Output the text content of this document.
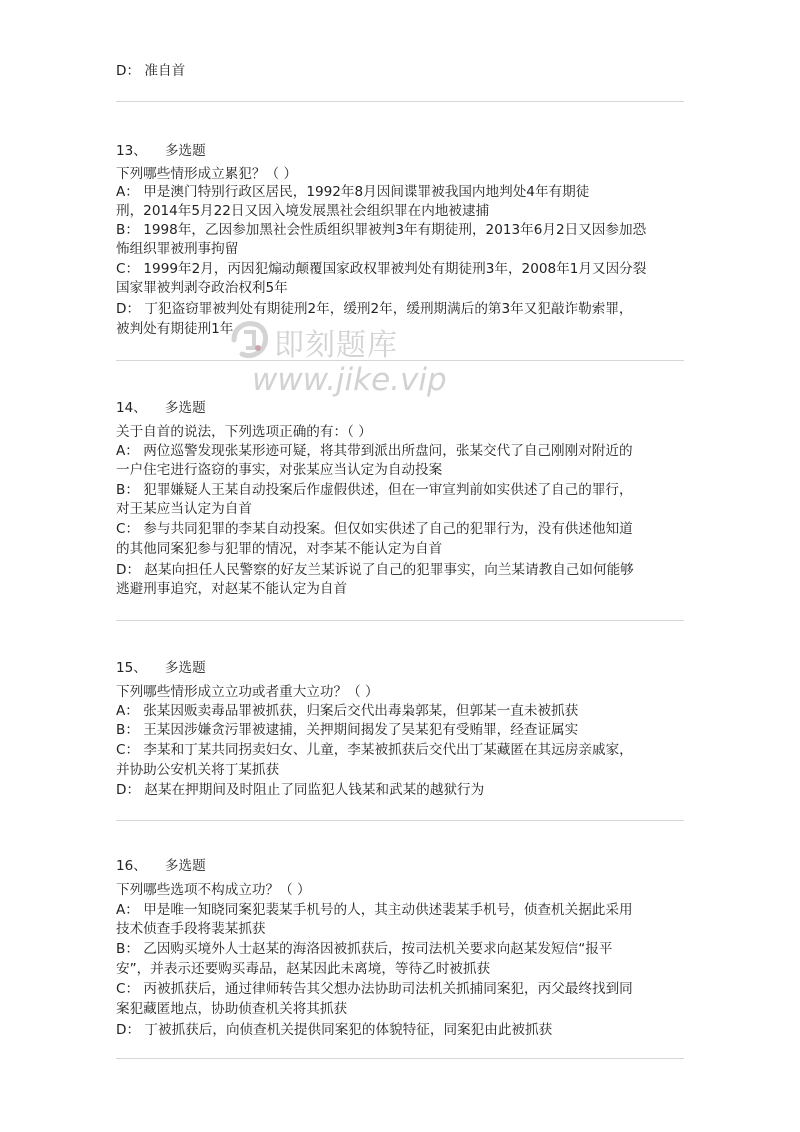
D： 准自首
13、 多选题
下列哪些情形成立累犯？（ ）
A： 甲是澳门特别行政区居民，1992年8月因间谍罪被我国内地判处4年有期徒
刑，2014年5月22日又因入境发展黑社会组织罪在内地被逮捕
B： 1998年，乙因参加黑社会性质组织罪被判3年有期徒刑，2013年6月2日又因参加恐
怖组织罪被刑事拘留
C： 1999年2月，丙因犯煽动颠覆国家政权罪被判处有期徒刑3年，2008年1月又因分裂
国家罪被判剥夺政治权利5年
D： 丁犯盗窃罪被判处有期徒刑2年，缓刑2年，缓刑期满后的第3年又犯敲诈勒索罪，
被判处有期徒刑1年
14、 多选题
关于自首的说法，下列选项正确的有：（ ）
A： 两位巡警发现张某形迹可疑，将其带到派出所盘问，张某交代了自己刚刚对附近的
一户住宅进行盗窃的事实，对张某应当认定为自动投案
B： 犯罪嫌疑人王某自动投案后作虚假供述，但在一审宣判前如实供述了自己的罪行，
对王某应当认定为自首
C： 参与共同犯罪的李某自动投案。但仅如实供述了自己的犯罪行为，没有供述他知道
的其他同案犯参与犯罪的情况，对李某不能认定为自首
D： 赵某向担任人民警察的好友兰某诉说了自己的犯罪事实，向兰某请教自己如何能够
逃避刑事追究，对赵某不能认定为自首
15、 多选题
下列哪些情形成立立功或者重大立功？（ ）
A： 张某因贩卖毒品罪被抓获，归案后交代出毒枭郭某，但郭某一直未被抓获
B： 王某因涉嫌贪污罪被逮捕，关押期间揭发了吴某犯有受贿罪，经查证属实
C： 李某和丁某共同拐卖妇女、儿童，李某被抓获后交代出丁某藏匿在其远房亲戚家，
并协助公安机关将丁某抓获
D： 赵某在押期间及时阻止了同监犯人钱某和武某的越狱行为
16、 多选题
下列哪些选项不构成立功？（ ）
A： 甲是唯一知晓同案犯裴某手机号的人，其主动供述裴某手机号，侦查机关据此采用
技术侦查手段将裴某抓获
B： 乙因购买境外人士赵某的海洛因被抓获后，按司法机关要求向赵某发短信“报平
安”，并表示还要购买毒品，赵某因此未离境，等待乙时被抓获
C： 丙被抓获后，通过律师转告其父想办法协助司法机关抓捕同案犯，丙父最终找到同
案犯藏匿地点，协助侦查机关将其抓获
D： 丁被抓获后，向侦查机关提供同案犯的体貌特征，同案犯由此被抓获
即刻题库
www.jike.vip
